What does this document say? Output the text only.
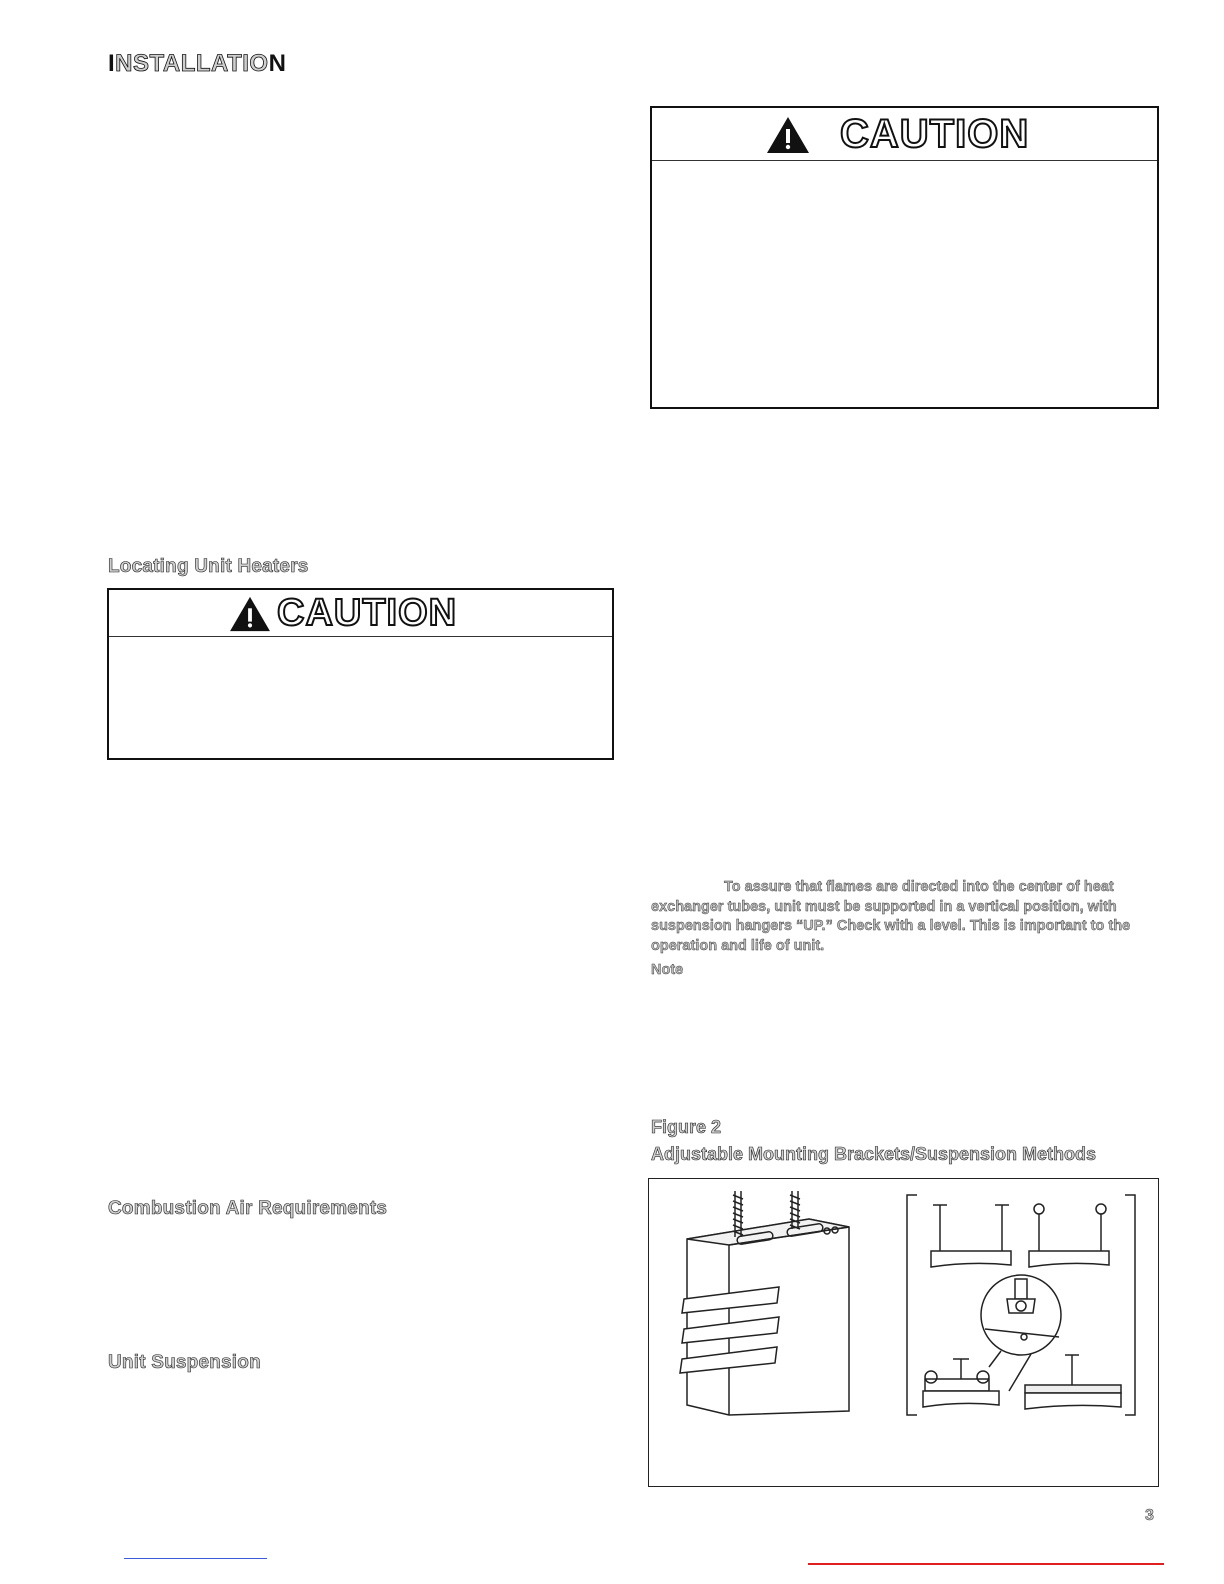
INSTALLATION
CAUTION
Locating Unit Heaters
CAUTION
Combustion Air Requirements
Unit Suspension
To assure that flames are directed into the center of heat
exchanger tubes, unit must be supported in a vertical position, with
suspension hangers “UP.” Check with a level. This is important to the
operation and life of unit.
Note
Figure 2
Adjustable Mounting Brackets/Suspension Methods
3
